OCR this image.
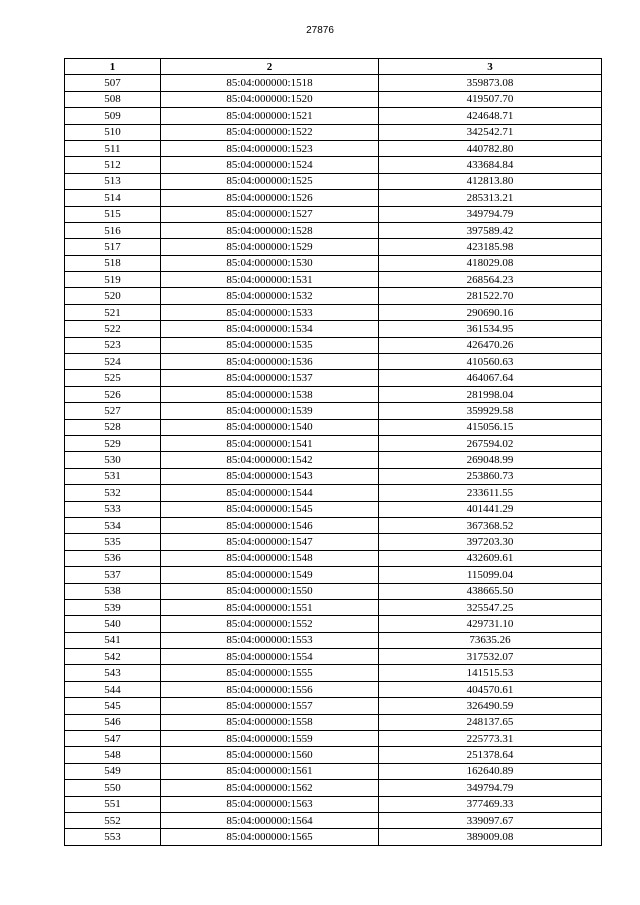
27876
1	2	3
507	85:04:000000:1518	359873.08
508	85:04:000000:1520	419507.70
509	85:04:000000:1521	424648.71
510	85:04:000000:1522	342542.71
511	85:04:000000:1523	440782.80
512	85:04:000000:1524	433684.84
513	85:04:000000:1525	412813.80
514	85:04:000000:1526	285313.21
515	85:04:000000:1527	349794.79
516	85:04:000000:1528	397589.42
517	85:04:000000:1529	423185.98
518	85:04:000000:1530	418029.08
519	85:04:000000:1531	268564.23
520	85:04:000000:1532	281522.70
521	85:04:000000:1533	290690.16
522	85:04:000000:1534	361534.95
523	85:04:000000:1535	426470.26
524	85:04:000000:1536	410560.63
525	85:04:000000:1537	464067.64
526	85:04:000000:1538	281998.04
527	85:04:000000:1539	359929.58
528	85:04:000000:1540	415056.15
529	85:04:000000:1541	267594.02
530	85:04:000000:1542	269048.99
531	85:04:000000:1543	253860.73
532	85:04:000000:1544	233611.55
533	85:04:000000:1545	401441.29
534	85:04:000000:1546	367368.52
535	85:04:000000:1547	397203.30
536	85:04:000000:1548	432609.61
537	85:04:000000:1549	115099.04
538	85:04:000000:1550	438665.50
539	85:04:000000:1551	325547.25
540	85:04:000000:1552	429731.10
541	85:04:000000:1553	73635.26
542	85:04:000000:1554	317532.07
543	85:04:000000:1555	141515.53
544	85:04:000000:1556	404570.61
545	85:04:000000:1557	326490.59
546	85:04:000000:1558	248137.65
547	85:04:000000:1559	225773.31
548	85:04:000000:1560	251378.64
549	85:04:000000:1561	162640.89
550	85:04:000000:1562	349794.79
551	85:04:000000:1563	377469.33
552	85:04:000000:1564	339097.67
553	85:04:000000:1565	389009.08
